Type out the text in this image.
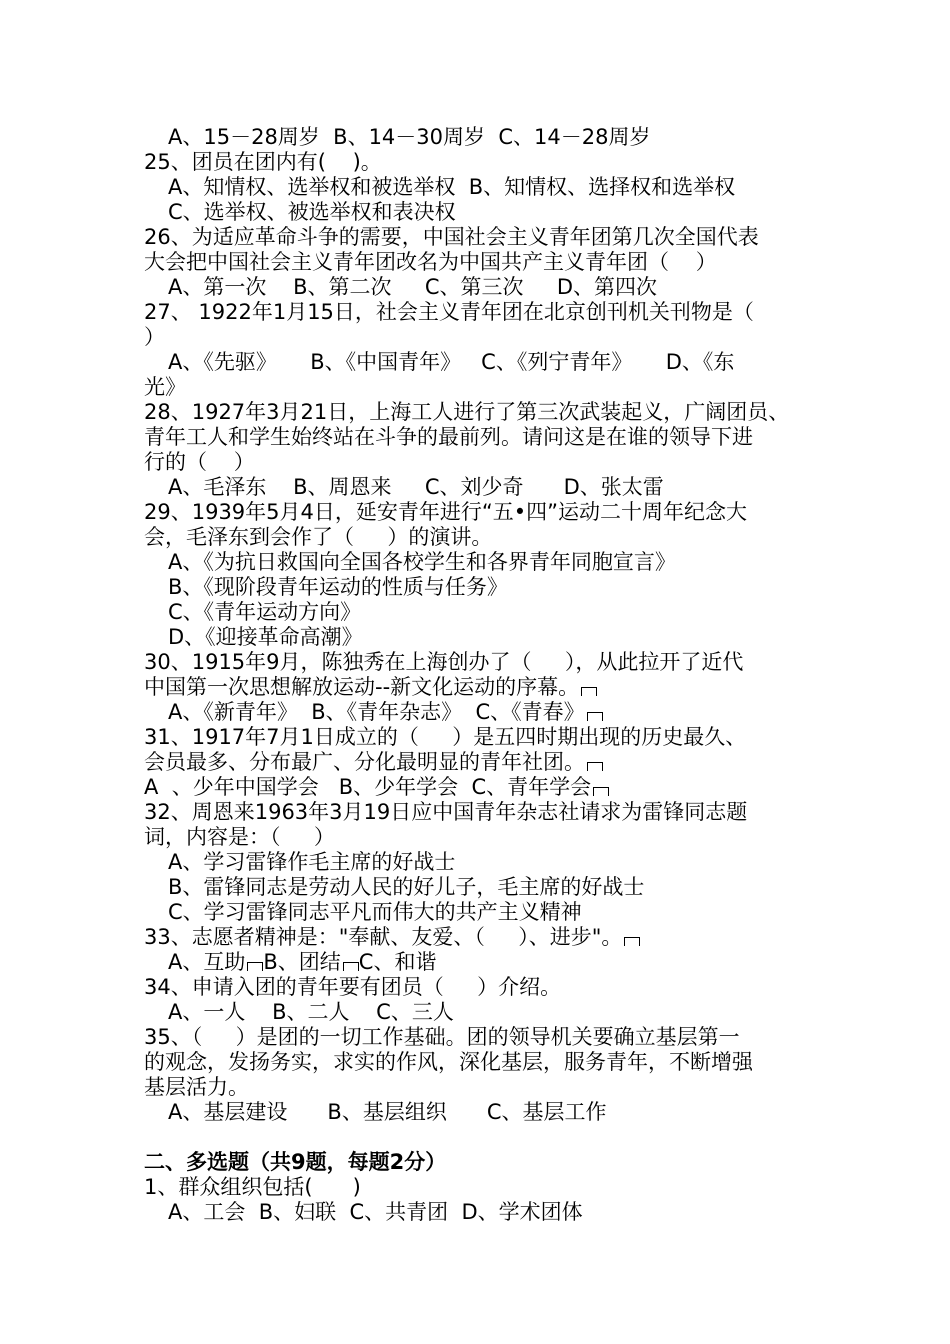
A、15－28周岁  B、14－30周岁  C、14－28周岁
25、团员在团内有(    )。
A、知情权、选举权和被选举权  B、知情权、选择权和选举权
C、选举权、被选举权和表决权
26、为适应革命斗争的需要，中国社会主义青年团第几次全国代表
大会把中国社会主义青年团改名为中国共产主义青年团（    ）
A、第一次    B、第二次     C、第三次     D、第四次
27、 1922年1月15日，社会主义青年团在北京创刊机关刊物是（
）
A、《先驱》     B、《中国青年》   C、《列宁青年》     D、《东
光》
28、1927年3月21日，上海工人进行了第三次武装起义，广阔团员、
青年工人和学生始终站在斗争的最前列。请问这是在谁的领导下进
行的（    ）
A、毛泽东    B、周恩来     C、刘少奇      D、张太雷
29、1939年5月4日，延安青年进行“五•四”运动二十周年纪念大
会，毛泽东到会作了（     ）的演讲。
A、《为抗日救国向全国各校学生和各界青年同胞宣言》
B、《现阶段青年运动的性质与任务》
C、《青年运动方向》
D、《迎接革命高潮》
30、1915年9月，陈独秀在上海创办了（     ），从此拉开了近代
中国第一次思想解放运动--新文化运动的序幕。
A、《新青年》  B、《青年杂志》  C、《青春》
31、1917年7月1日成立的（     ）是五四时期出现的历史最久、
会员最多、分布最广、分化最明显的青年社团。
A  、少年中国学会   B、少年学会  C、青年学会
32、周恩来1963年3月19日应中国青年杂志社请求为雷锋同志题
词，内容是：（     ）
A、学习雷锋作毛主席的好战士
B、雷锋同志是劳动人民的好儿子，毛主席的好战士
C、学习雷锋同志平凡而伟大的共产主义精神
33、志愿者精神是："奉献、友爱、（     ）、进步"。
A、互助 B、团结 C、和谐
34、申请入团的青年要有团员（     ）介绍。
A、一人    B、二人    C、三人
35、（     ）是团的一切工作基础。团的领导机关要确立基层第一
的观念，发扬务实，求实的作风，深化基层，服务青年，不断增强
基层活力。
A、基层建设      B、基层组织      C、基层工作
二、多选题（共9题，每题2分）
1、群众组织包括(      )
A、工会  B、妇联  C、共青团  D、学术团体
